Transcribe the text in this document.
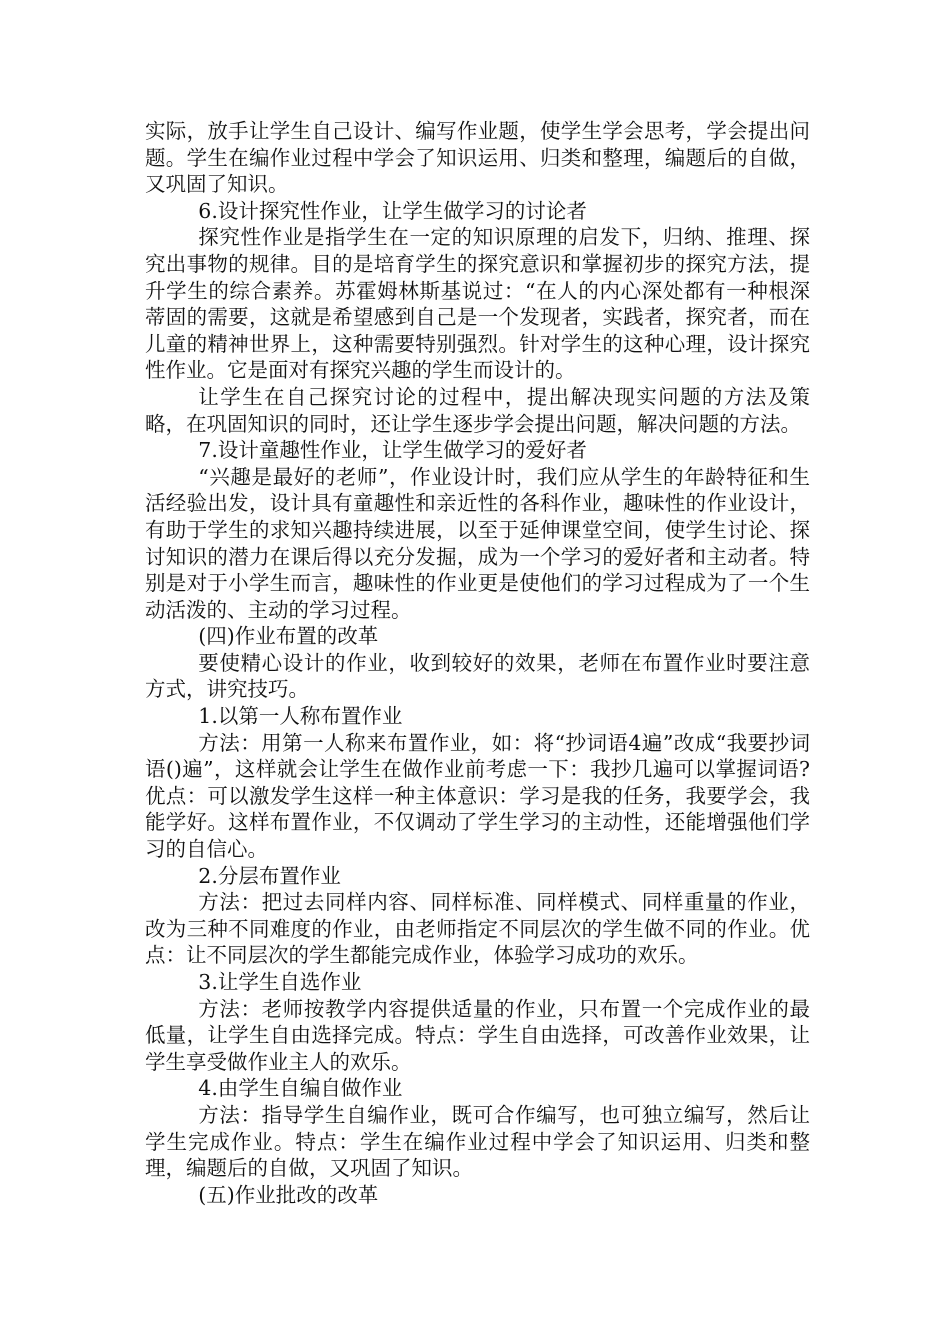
实际，放手让学生自己设计、编写作业题，使学生学会思考，学会提出问题。学生在编作业过程中学会了知识运用、归类和整理，编题后的自做，又巩固了知识。

6.设计探究性作业，让学生做学习的讨论者

探究性作业是指学生在一定的知识原理的启发下，归纳、推理、探究出事物的规律。目的是培育学生的探究意识和掌握初步的探究方法，提升学生的综合素养。苏霍姆林斯基说过：“在人的内心深处都有一种根深蒂固的需要，这就是希望感到自己是一个发现者，实践者，探究者，而在儿童的精神世界上，这种需要特别强烈。针对学生的这种心理，设计探究性作业。它是面对有探究兴趣的学生而设计的。

让学生在自己探究讨论的过程中，提出解决现实问题的方法及策略，在巩固知识的同时，还让学生逐步学会提出问题，解决问题的方法。

7.设计童趣性作业，让学生做学习的爱好者

“兴趣是最好的老师”，作业设计时，我们应从学生的年龄特征和生活经验出发，设计具有童趣性和亲近性的各科作业，趣味性的作业设计，有助于学生的求知兴趣持续进展，以至于延伸课堂空间，使学生讨论、探讨知识的潜力在课后得以充分发掘，成为一个学习的爱好者和主动者。特别是对于小学生而言，趣味性的作业更是使他们的学习过程成为了一个生动活泼的、主动的学习过程。

(四)作业布置的改革

要使精心设计的作业，收到较好的效果，老师在布置作业时要注意方式，讲究技巧。

1.以第一人称布置作业

方法：用第一人称来布置作业，如：将“抄词语4遍”改成“我要抄词语()遍”，这样就会让学生在做作业前考虑一下：我抄几遍可以掌握词语?优点：可以激发学生这样一种主体意识：学习是我的任务，我要学会，我能学好。这样布置作业，不仅调动了学生学习的主动性，还能增强他们学习的自信心。

2.分层布置作业

方法：把过去同样内容、同样标准、同样模式、同样重量的作业，改为三种不同难度的作业，由老师指定不同层次的学生做不同的作业。优点：让不同层次的学生都能完成作业，体验学习成功的欢乐。

3.让学生自选作业

方法：老师按教学内容提供适量的作业，只布置一个完成作业的最低量，让学生自由选择完成。特点：学生自由选择，可改善作业效果，让学生享受做作业主人的欢乐。

4.由学生自编自做作业

方法：指导学生自编作业，既可合作编写，也可独立编写，然后让学生完成作业。特点：学生在编作业过程中学会了知识运用、归类和整理，编题后的自做，又巩固了知识。

(五)作业批改的改革
